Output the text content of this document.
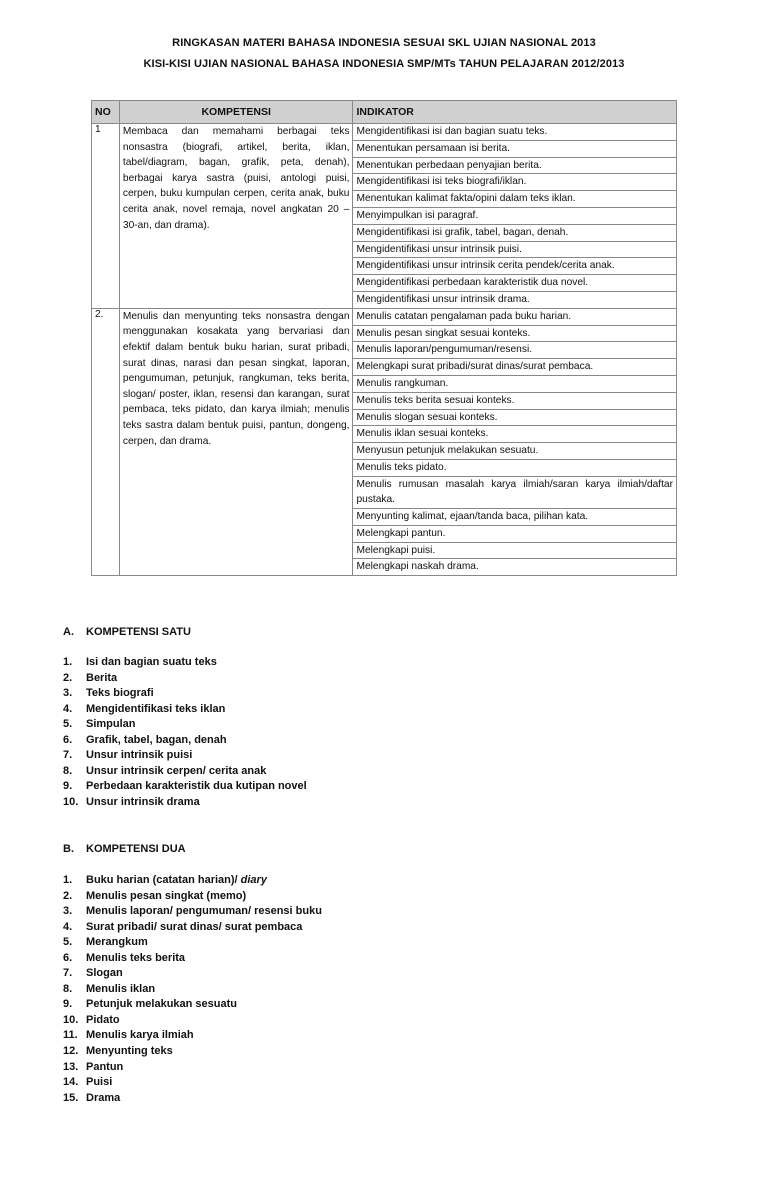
RINGKASAN MATERI BAHASA INDONESIA SESUAI SKL UJIAN NASIONAL 2013
KISI-KISI UJIAN NASIONAL BAHASA INDONESIA SMP/MTs TAHUN PELAJARAN 2012/2013
NO	KOMPETENSI	INDIKATOR
1	Membaca dan memahami berbagai teks nonsastra (biografi, artikel, berita, iklan, tabel/diagram, bagan, grafik, peta, denah), berbagai karya sastra (puisi, antologi puisi, cerpen, buku kumpulan cerpen, cerita anak, buku cerita anak, novel remaja, novel angkatan 20 – 30-an, dan drama).	Mengidentifikasi isi dan bagian suatu teks.
		Menentukan persamaan isi berita.
		Menentukan perbedaan penyajian berita.
		Mengidentifikasi isi teks biografi/iklan.
		Menentukan kalimat fakta/opini dalam teks iklan.
		Menyimpulkan isi paragraf.
		Mengidentifikasi isi grafik, tabel, bagan, denah.
		Mengidentifikasi unsur intrinsik puisi.
		Mengidentifikasi unsur intrinsik cerita pendek/cerita anak.
		Mengidentifikasi perbedaan karakteristik dua novel.
		Mengidentifikasi unsur intrinsik drama.
2.	Menulis dan menyunting teks nonsastra dengan menggunakan kosakata yang bervariasi dan efektif dalam bentuk buku harian, surat pribadi, surat dinas, narasi dan pesan singkat, laporan, pengumuman, petunjuk, rangkuman, teks berita, slogan/ poster, iklan, resensi dan karangan, surat pembaca, teks pidato, dan karya ilmiah; menulis teks sastra dalam bentuk puisi, pantun, dongeng, cerpen, dan drama.	Menulis catatan pengalaman pada buku harian.
		Menulis pesan singkat sesuai konteks.
		Menulis laporan/pengumuman/resensi.
		Melengkapi surat pribadi/surat dinas/surat pembaca.
		Menulis rangkuman.
		Menulis teks berita sesuai konteks.
		Menulis slogan sesuai konteks.
		Menulis iklan sesuai konteks.
		Menyusun petunjuk melakukan sesuatu.
		Menulis teks pidato.
		Menulis rumusan masalah karya ilmiah/saran karya ilmiah/daftar pustaka.
		Menyunting kalimat, ejaan/tanda baca, pilihan kata.
		Melengkapi pantun.
		Melengkapi puisi.
		Melengkapi naskah drama.
A. KOMPETENSI SATU
1. Isi dan bagian suatu teks
2. Berita
3. Teks biografi
4. Mengidentifikasi teks iklan
5. Simpulan
6. Grafik, tabel, bagan, denah
7. Unsur intrinsik puisi
8. Unsur intrinsik cerpen/ cerita anak
9. Perbedaan karakteristik dua kutipan novel
10. Unsur intrinsik drama
B. KOMPETENSI DUA
1. Buku harian (catatan harian)/ diary
2. Menulis pesan singkat (memo)
3. Menulis laporan/ pengumuman/ resensi buku
4. Surat pribadi/ surat dinas/ surat pembaca
5. Merangkum
6. Menulis teks berita
7. Slogan
8. Menulis iklan
9. Petunjuk melakukan sesuatu
10. Pidato
11. Menulis karya ilmiah
12. Menyunting teks
13. Pantun
14. Puisi
15. Drama
